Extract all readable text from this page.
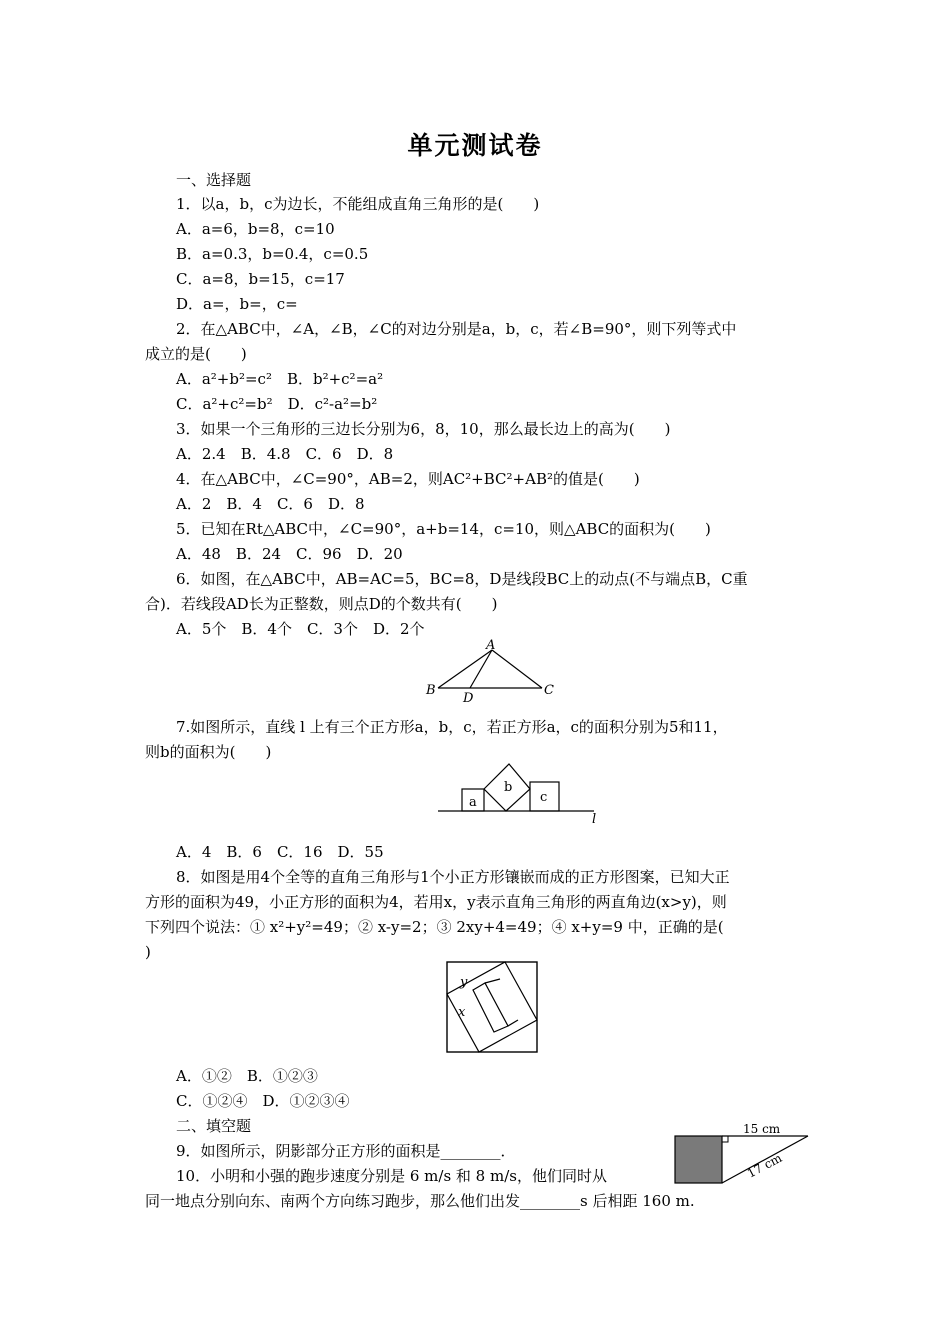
单元测试卷
一、选择题
1．以a，b，c为边长，不能组成直角三角形的是(　　)
A．a=6，b=8，c=10
B．a=0.3，b=0.4，c=0.5
C．a=8，b=15，c=17
D．a=，b=，c=
2．在△ABC中，∠A，∠B，∠C的对边分别是a，b，c，若∠B=90°，则下列等式中
成立的是(　　)
A．a²+b²=c²　B．b²+c²=a²
C．a²+c²=b²　D．c²-a²=b²
3．如果一个三角形的三边长分别为6，8，10，那么最长边上的高为(　　)
A．2.4　B．4.8　C．6　D．8
4．在△ABC中，∠C=90°，AB=2，则AC²+BC²+AB²的值是(　　)
A．2　B．4　C．6　D．8
5．已知在Rt△ABC中，∠C=90°，a+b=14，c=10，则△ABC的面积为(　　)
A．48　B．24　C．96　D．20
6．如图，在△ABC中，AB=AC=5，BC=8，D是线段BC上的动点(不与端点B，C重
合)．若线段AD长为正整数，则点D的个数共有(　　)
A．5个　B．4个　C．3个　D．2个
A
B	C
D
7.如图所示，直线 l 上有三个正方形a，b，c，若正方形a，c的面积分别为5和11，
则b的面积为(　　)
a
b
c
l
A．4　B．6　C．16　D．55
8．如图是用4个全等的直角三角形与1个小正方形镶嵌而成的正方形图案，已知大正
方形的面积为49，小正方形的面积为4，若用x，y表示直角三角形的两直角边(x>y)，则
下列四个说法：① x²+y²=49；② x-y=2；③ 2xy+4=49；④ x+y=9 中，正确的是(
)
y
x
A．①②　B．①②③
C．①②④　D．①②③④
二、填空题
9．如图所示，阴影部分正方形的面积是________．
15 cm
17 cm
10．小明和小强的跑步速度分别是 6 m/s 和 8 m/s，他们同时从
同一地点分别向东、南两个方向练习跑步，那么他们出发________s 后相距 160 m.
